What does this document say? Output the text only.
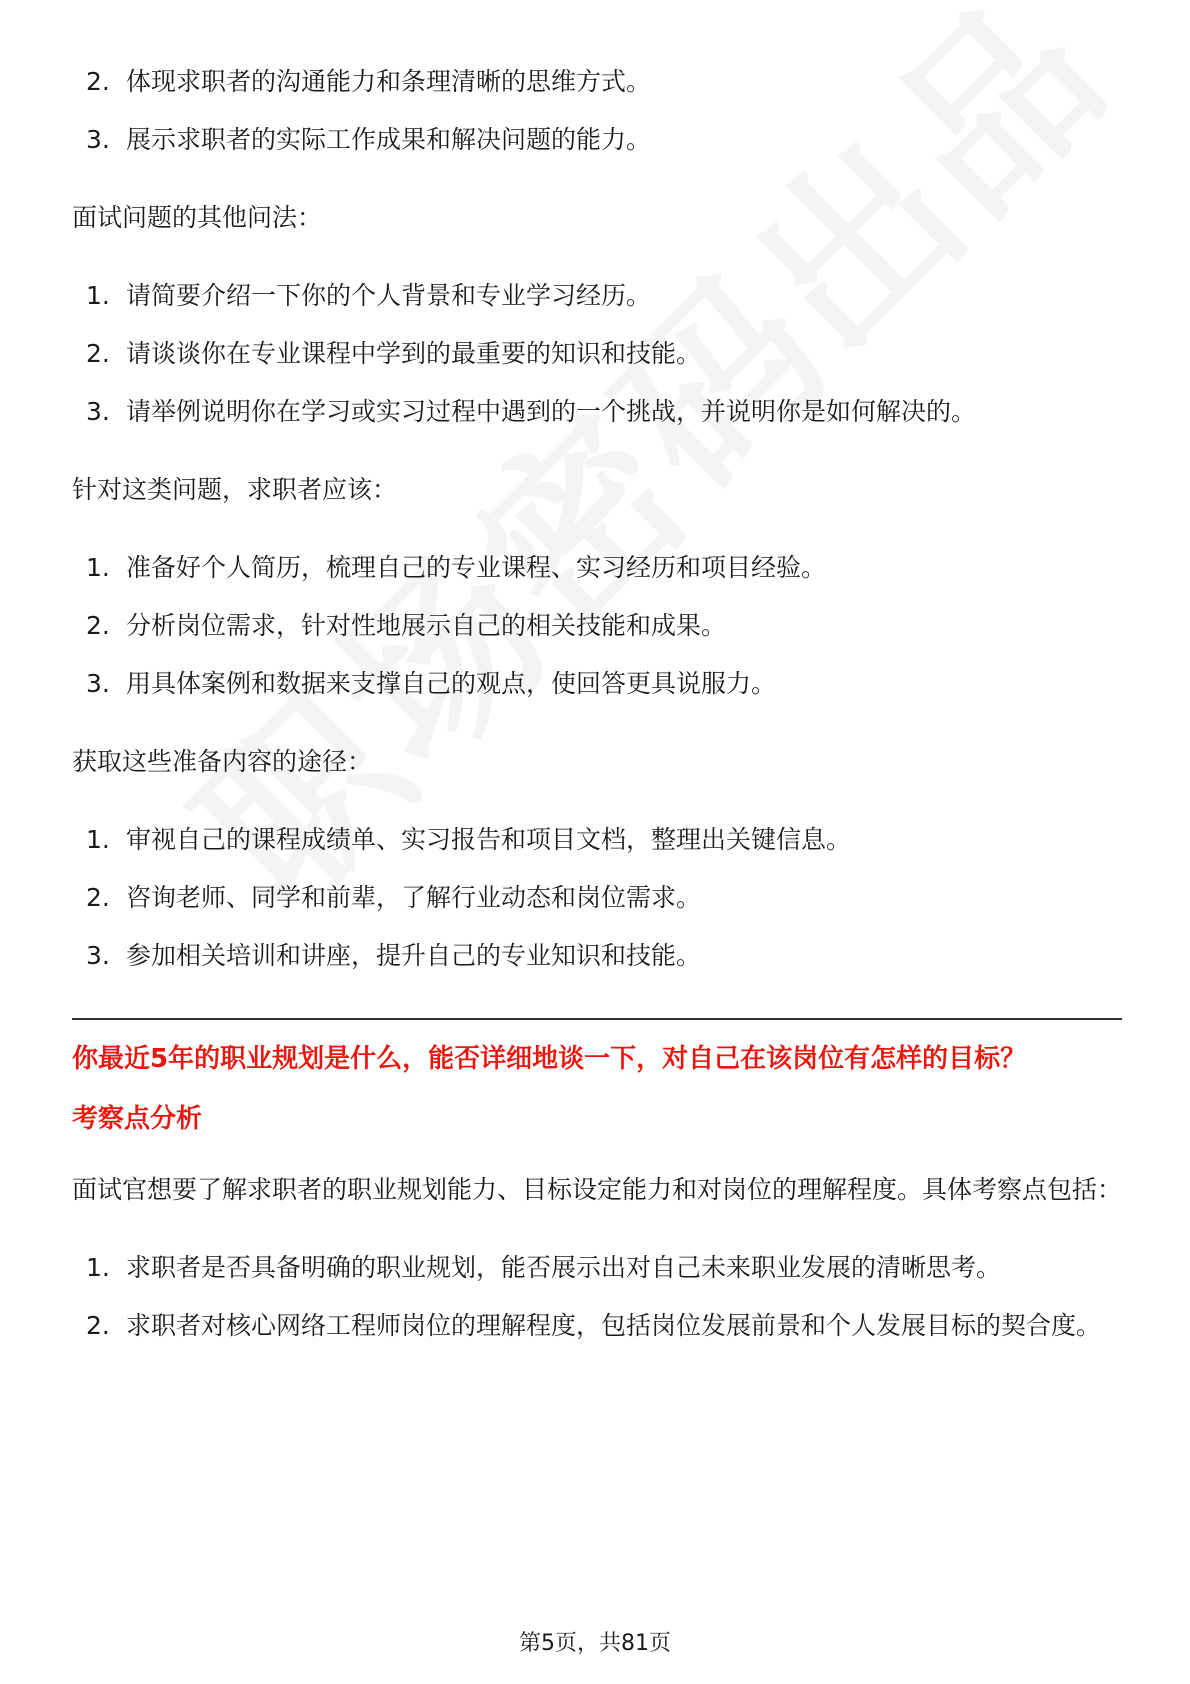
2. 体现求职者的沟通能力和条理清晰的思维方式。
3. 展示求职者的实际工作成果和解决问题的能力。

面试问题的其他问法：

1. 请简要介绍一下你的个人背景和专业学习经历。
2. 请谈谈你在专业课程中学到的最重要的知识和技能。
3. 请举例说明你在学习或实习过程中遇到的一个挑战，并说明你是如何解决的。

针对这类问题，求职者应该：

1. 准备好个人简历，梳理自己的专业课程、实习经历和项目经验。
2. 分析岗位需求，针对性地展示自己的相关技能和成果。
3. 用具体案例和数据来支撑自己的观点，使回答更具说服力。

获取这些准备内容的途径：

1. 审视自己的课程成绩单、实习报告和项目文档，整理出关键信息。
2. 咨询老师、同学和前辈，了解行业动态和岗位需求。
3. 参加相关培训和讲座，提升自己的专业知识和技能。

你最近5年的职业规划是什么，能否详细地谈一下，对自己在该岗位有怎样的目标？

考察点分析

面试官想要了解求职者的职业规划能力、目标设定能力和对岗位的理解程度。具体考察点包括：

1. 求职者是否具备明确的职业规划，能否展示出对自己未来职业发展的清晰思考。
2. 求职者对核心网络工程师岗位的理解程度，包括岗位发展前景和个人发展目标的契合度。
第5页，共81页
